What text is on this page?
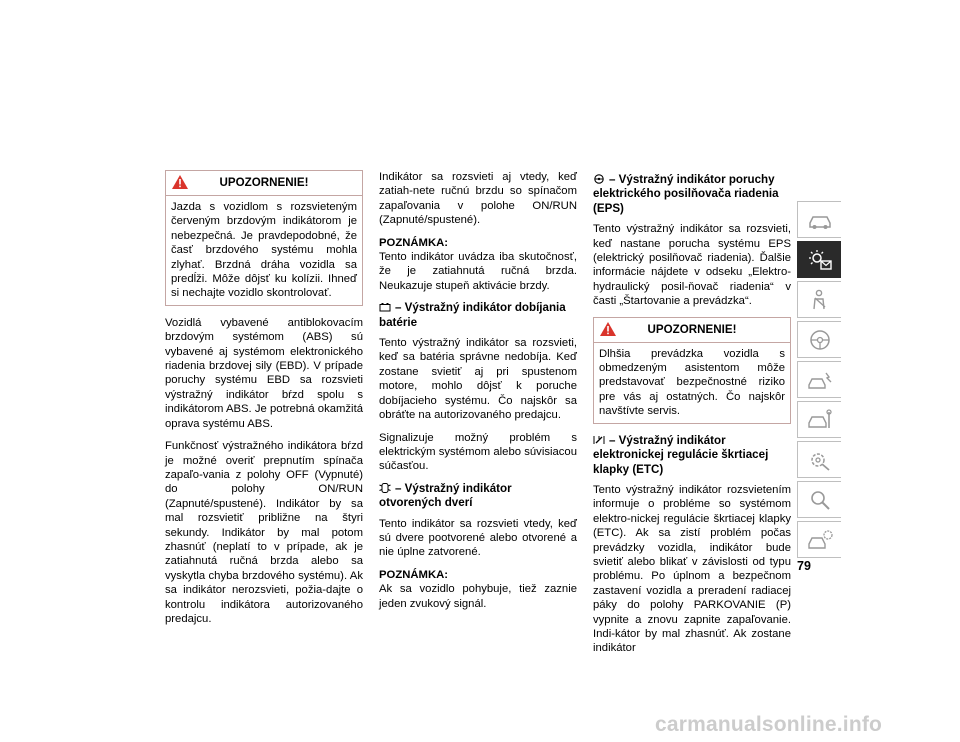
UPOZORNENIE!

Jazda s vozidlom s rozsvieteným červeným brzdovým indikátorom je nebezpečná. Je pravdepodobné, že časť brzdového systému mohla zlyhať. Brzdná dráha vozidla sa predĺži. Môže dôjsť ku kolízii. Ihneď si nechajte vozidlo skontrolovať.

Vozidlá vybavené antiblokovacím brzdovým systémom (ABS) sú vybavené aj systémom elektronického riadenia brzdovej sily (EBD). V prípade poruchy systému EBD sa rozsvieti výstražný indikátor bŕzd spolu s indikátorom ABS. Je potrebná okamžitá oprava systému ABS.

Funkčnosť výstražného indikátora bŕzd je možné overiť prepnutím spínača zapaľo-vania z polohy OFF (Vypnuté) do polohy ON/RUN (Zapnuté/spustené). Indikátor by sa mal rozsvietiť približne na štyri sekundy. Indikátor by mal potom zhasnúť (neplatí to v prípade, ak je zatiahnutá ručná brzda alebo sa vyskytla chyba brzdového systému). Ak sa indikátor nerozsvieti, požia-dajte o kontrolu indikátora autorizovaného predajcu.

Indikátor sa rozsvieti aj vtedy, keď zatiah-nete ručnú brzdu so spínačom zapaľovania v polohe ON/RUN (Zapnuté/spustené).

POZNÁMKA:

Tento indikátor uvádza iba skutočnosť, že je zatiahnutá ručná brzda. Neukazuje stupeň aktivácie brzdy.

– Výstražný indikátor dobíjania batérie

Tento výstražný indikátor sa rozsvieti, keď sa batéria správne nedobíja. Keď zostane svietiť aj pri spustenom motore, mohlo dôjsť k poruche dobíjacieho systému. Čo najskôr sa obráťte na autorizovaného predajcu.

Signalizuje možný problém s elektrickým systémom alebo súvisiacou súčasťou.

– Výstražný indikátor otvorených dverí

Tento indikátor sa rozsvieti vtedy, keď sú dvere pootvorené alebo otvorené a nie úplne zatvorené.

POZNÁMKA:

Ak sa vozidlo pohybuje, tiež zaznie jeden zvukový signál.

– Výstražný indikátor poruchy elektrického posilňovača riadenia (EPS)

Tento výstražný indikátor sa rozsvieti, keď nastane porucha systému EPS (elektrický posilňovač riadenia). Ďalšie informácie nájdete v odseku „Elektro-hydraulický posil-ňovač riadenia“ v časti „Štartovanie a prevádzka“.

UPOZORNENIE!

Dlhšia prevádzka vozidla s obmedzeným asistentom môže predstavovať bezpečnostné riziko pre vás aj ostatných. Čo najskôr navštívte servis.

– Výstražný indikátor elektronickej regulácie škrtiacej klapky (ETC)

Tento výstražný indikátor rozsvietením informuje o probléme so systémom elektro-nickej regulácie škrtiacej klapky (ETC). Ak sa zistí problém počas prevádzky vozidla, indikátor bude svietiť alebo blikať v závislosti od typu problému. Po úplnom a bezpečnom zastavení vozidla a preradení radiacej páky do polohy PARKOVANIE (P) vypnite a znovu zapnite zapaľovanie. Indi-kátor by mal zhasnúť. Ak zostane indikátor

79
carmanualsonline.info
